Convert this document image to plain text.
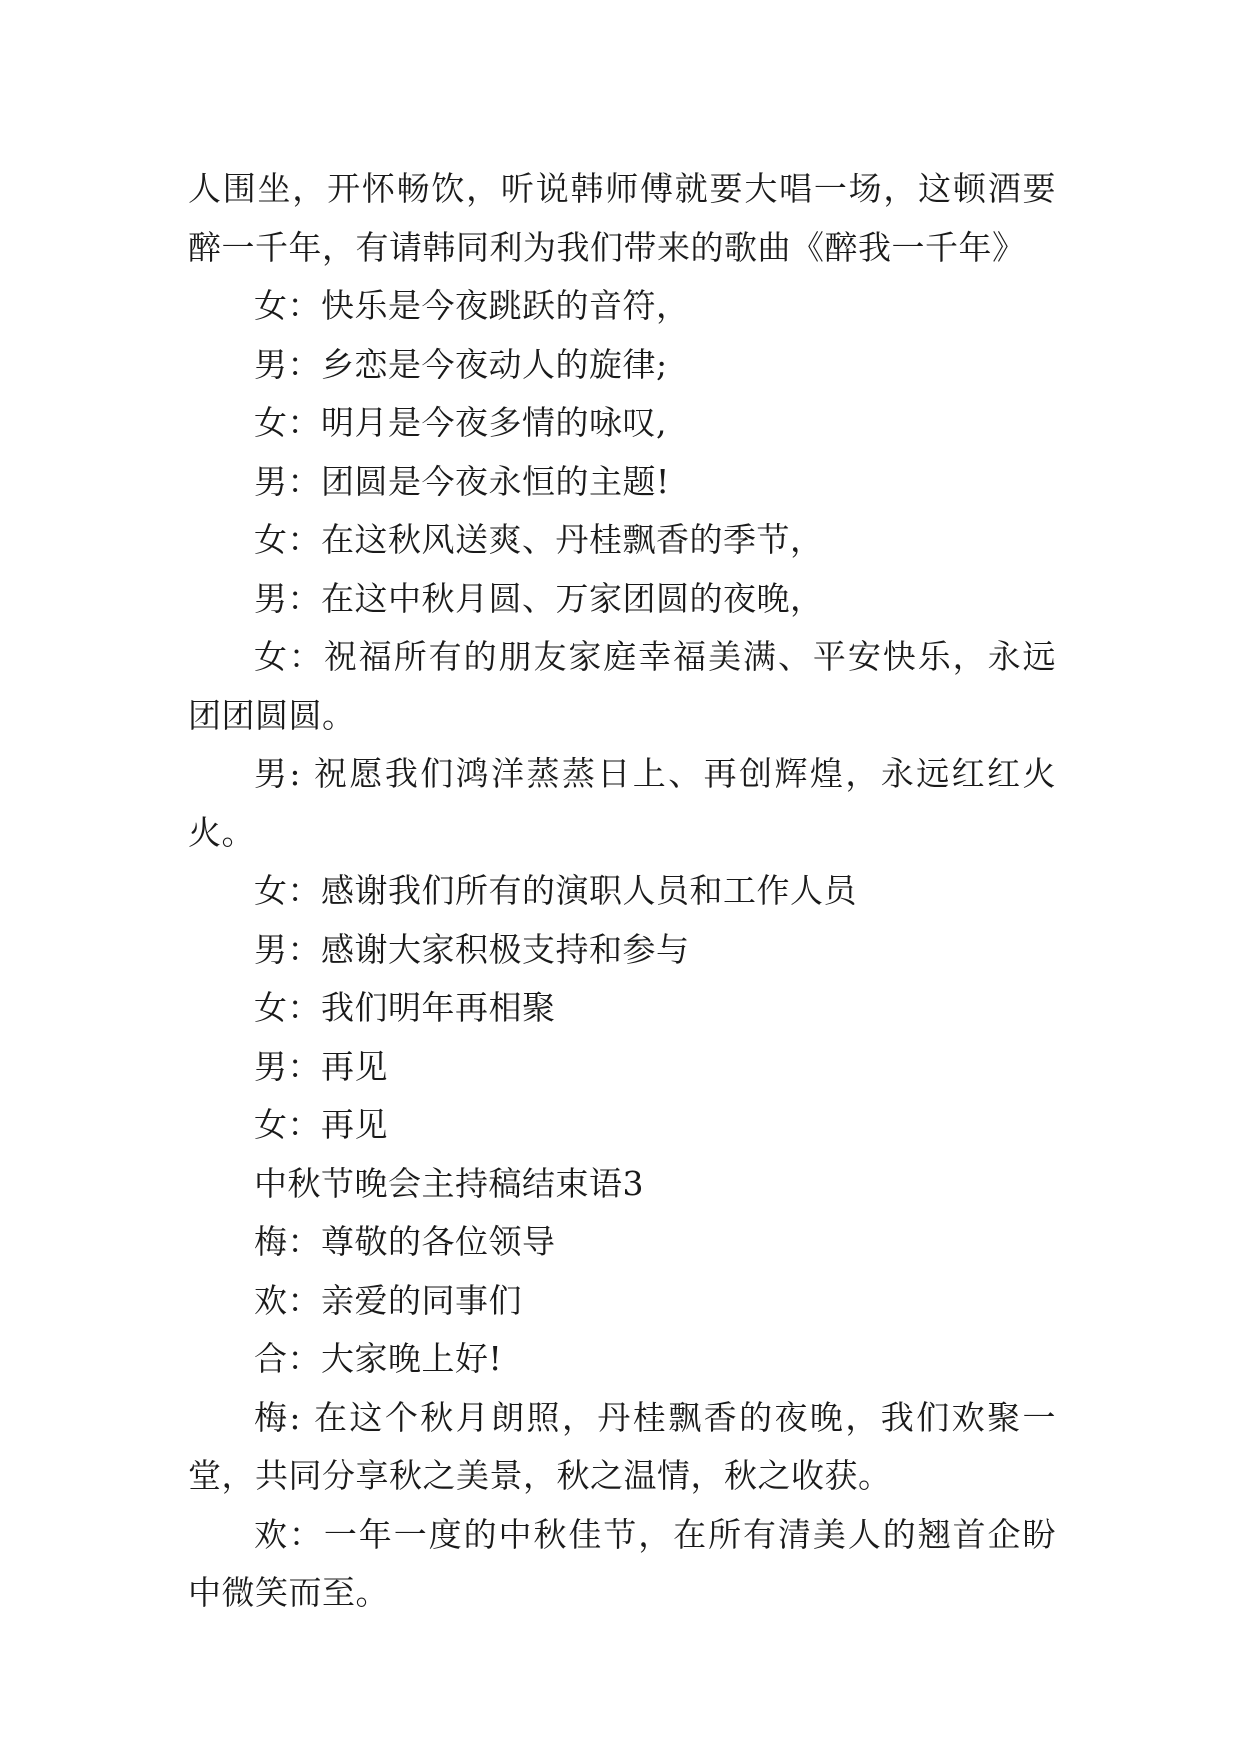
人围坐，开怀畅饮，听说韩师傅就要大唱一场，这顿酒要醉一千年，有请韩同利为我们带来的歌曲《醉我一千年》

女：快乐是今夜跳跃的音符，

男：乡恋是今夜动人的旋律;

女：明月是今夜多情的咏叹,

男：团圆是今夜永恒的主题!

女：在这秋风送爽、丹桂飘香的季节，

男：在这中秋月圆、万家团圆的夜晚，

女：祝福所有的朋友家庭幸福美满、平安快乐，永远团团圆圆。

男: 祝愿我们鸿洋蒸蒸日上、再创辉煌，永远红红火火。

女：感谢我们所有的演职人员和工作人员

男：感谢大家积极支持和参与

女：我们明年再相聚

男：再见

女：再见

中秋节晚会主持稿结束语3

梅：尊敬的各位领导

欢：亲爱的同事们

合：大家晚上好!

梅: 在这个秋月朗照，丹桂飘香的夜晚，我们欢聚一堂，共同分享秋之美景，秋之温情，秋之收获。

欢：一年一度的中秋佳节，在所有清美人的翘首企盼中微笑而至。
